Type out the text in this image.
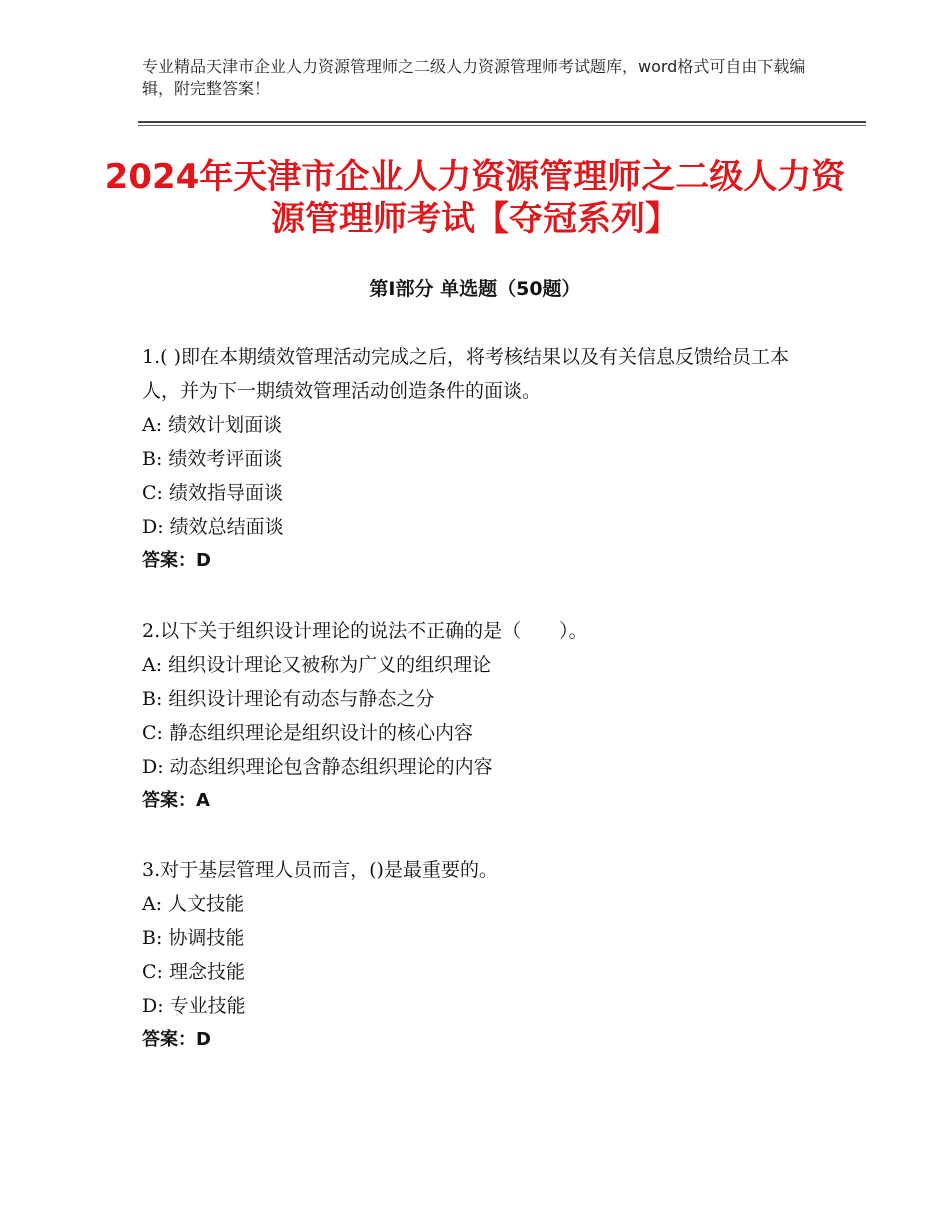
专业精品天津市企业人力资源管理师之二级人力资源管理师考试题库，word格式可自由下载编辑，附完整答案！
2024年天津市企业人力资源管理师之二级人力资源管理师考试【夺冠系列】
第Ⅰ部分 单选题（50题）

1.( )即在本期绩效管理活动完成之后，将考核结果以及有关信息反馈给员工本人，并为下一期绩效管理活动创造条件的面谈。

A: 绩效计划面谈

B: 绩效考评面谈

C: 绩效指导面谈

D: 绩效总结面谈

答案：D

2.以下关于组织设计理论的说法不正确的是（　　）。

A: 组织设计理论又被称为广义的组织理论

B: 组织设计理论有动态与静态之分

C: 静态组织理论是组织设计的核心内容

D: 动态组织理论包含静态组织理论的内容

答案：A

3.对于基层管理人员而言，()是最重要的。

A: 人文技能

B: 协调技能

C: 理念技能

D: 专业技能

答案：D
